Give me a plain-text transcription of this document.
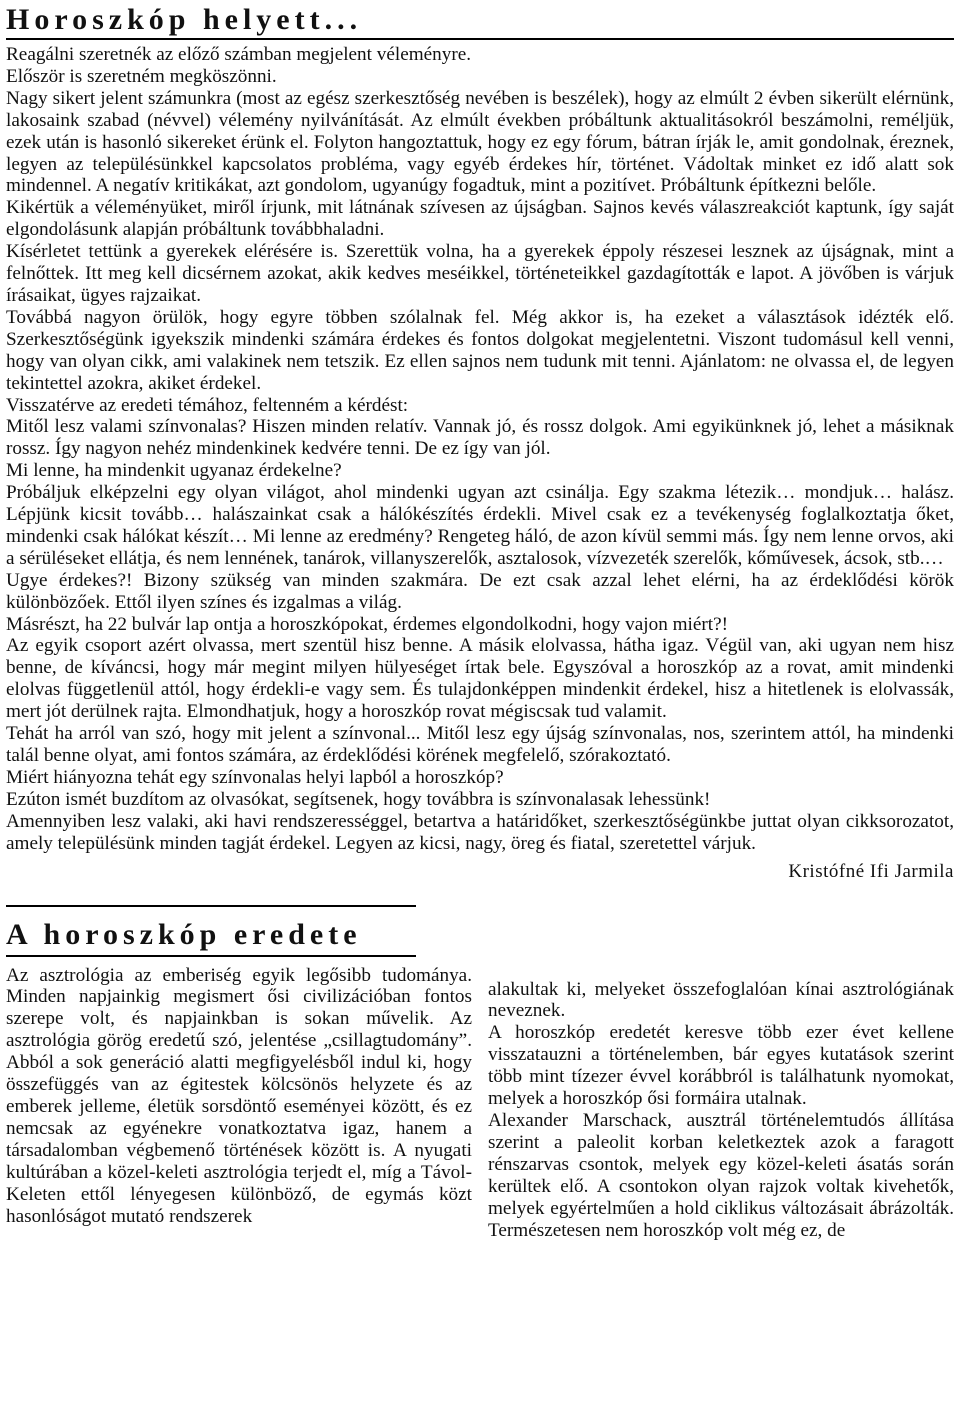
Horoszkóp helyett...

Reagálni szeretnék az előző számban megjelent véleményre.

Először is szeretném megköszönni.

Nagy sikert jelent számunkra (most az egész szerkesztőség nevében is beszélek), hogy az elmúlt 2 évben sikerült elérnünk, lakosaink szabad (névvel) vélemény nyilvánítását. Az elmúlt években próbáltunk aktualitásokról beszámolni, reméljük, ezek után is hasonló sikereket érünk el. Folyton hangoztattuk, hogy ez egy fórum, bátran írják le, amit gondolnak, éreznek, legyen az településünkkel kapcsolatos probléma, vagy egyéb érdekes hír, történet. Vádoltak minket ez idő alatt sok mindennel. A negatív kritikákat, azt gondolom, ugyanúgy fogadtuk, mint a pozitívet. Próbáltunk építkezni belőle.

Kikértük a véleményüket, miről írjunk, mit látnának szívesen az újságban. Sajnos kevés válaszreakciót kaptunk, így saját elgondolásunk alapján próbáltunk továbbhaladni.

Kísérletet tettünk a gyerekek elérésére is. Szerettük volna, ha a gyerekek éppoly részesei lesznek az újságnak, mint a felnőttek. Itt meg kell dicsérnem azokat, akik kedves meséikkel, történeteikkel gazdagították e lapot. A jövőben is várjuk írásaikat, ügyes rajzaikat.

Továbbá nagyon örülök, hogy egyre többen szólalnak fel. Még akkor is, ha ezeket a választások idézték elő. Szerkesztőségünk igyekszik mindenki számára érdekes és fontos dolgokat megjelentetni. Viszont tudomásul kell venni, hogy van olyan cikk, ami valakinek nem tetszik. Ez ellen sajnos nem tudunk mit tenni. Ajánlatom: ne olvassa el, de legyen tekintettel azokra, akiket érdekel.

Visszatérve az eredeti témához, feltenném a kérdést:

Mitől lesz valami színvonalas? Hiszen minden relatív. Vannak jó, és rossz dolgok. Ami egyikünknek jó, lehet a másiknak rossz. Így nagyon nehéz mindenkinek kedvére tenni. De ez így van jól.

Mi lenne, ha mindenkit ugyanaz érdekelne?

Próbáljuk elképzelni egy olyan világot, ahol mindenki ugyan azt csinálja. Egy szakma létezik… mondjuk… halász. Lépjünk kicsit tovább… halászainkat csak a hálókészítés érdekli. Mivel csak ez a tevékenység foglalkoztatja őket, mindenki csak hálókat készít… Mi lenne az eredmény? Rengeteg háló, de azon kívül semmi más. Így nem lenne orvos, aki a sérüléseket ellátja, és nem lennének, tanárok, villanyszerelők, asztalosok, vízvezeték szerelők, kőművesek, ácsok, stb.…

Ugye érdekes?! Bizony szükség van minden szakmára. De ezt csak azzal lehet elérni, ha az érdeklődési körök különbözőek. Ettől ilyen színes és izgalmas a világ.

Másrészt, ha 22 bulvár lap ontja a horoszkópokat, érdemes elgondolkodni, hogy vajon miért?!

Az egyik csoport azért olvassa, mert szentül hisz benne. A másik elolvassa, hátha igaz. Végül van, aki ugyan nem hisz benne, de kíváncsi, hogy már megint milyen hülyeséget írtak bele. Egyszóval a horoszkóp az a rovat, amit mindenki elolvas függetlenül attól, hogy érdekli-e vagy sem. És tulajdonképpen mindenkit érdekel, hisz a hitetlenek is elolvassák, mert jót derülnek rajta. Elmondhatjuk, hogy a horoszkóp rovat mégiscsak tud valamit.

Tehát ha arról van szó, hogy mit jelent a színvonal... Mitől lesz egy újság színvonalas, nos, szerintem attól, ha mindenki talál benne olyat, ami fontos számára, az érdeklődési körének megfelelő, szórakoztató.

Miért hiányozna tehát egy színvonalas helyi lapból a horoszkóp?

Ezúton ismét buzdítom az olvasókat, segítsenek, hogy továbbra is színvonalasak lehessünk!

Amennyiben lesz valaki, aki havi rendszerességgel, betartva a határidőket, szerkesztőségünkbe juttat olyan cikksorozatot, amely településünk minden tagját érdekel. Legyen az kicsi, nagy, öreg és fiatal, szeretettel várjuk.

Kristófné Ifi Jarmila
A horoszkóp eredete

Az asztrológia az emberiség egyik legősibb tudománya. Minden napjainkig megismert ősi civilizációban fontos szerepe volt, és napjainkban is sokan művelik. Az asztrológia görög eredetű szó, jelentése „csillagtudomány”. Abból a sok generáció alatti megfigyelésből indul ki, hogy összefüggés van az égitestek kölcsönös helyzete és az emberek jelleme, életük sorsdöntő eseményei között, és ez nemcsak az egyénekre vonatkoztatva igaz, hanem a társadalomban végbemenő történések között is. A nyugati kultúrában a közel-keleti asztrológia terjedt el, míg a Távol-Keleten ettől lényegesen különböző, de egymás közt hasonlóságot mutató rendszerek

alakultak ki, melyeket összefoglalóan kínai asztrológiának neveznek.

A horoszkóp eredetét keresve több ezer évet kellene visszatauzni a történelemben, bár egyes kutatások szerint több mint tízezer évvel korábbról is találhatunk nyomokat, melyek a horoszkóp ősi formáira utalnak.

Alexander Marschack, ausztrál történelemtudós állítása szerint a paleolit korban keletkeztek azok a faragott rénszarvas csontok, melyek egy közel-keleti ásatás során kerültek elő. A csontokon olyan rajzok voltak kivehetők, melyek egyértelműen a hold ciklikus változásait ábrázolták. Természetesen nem horoszkóp volt még ez, de
